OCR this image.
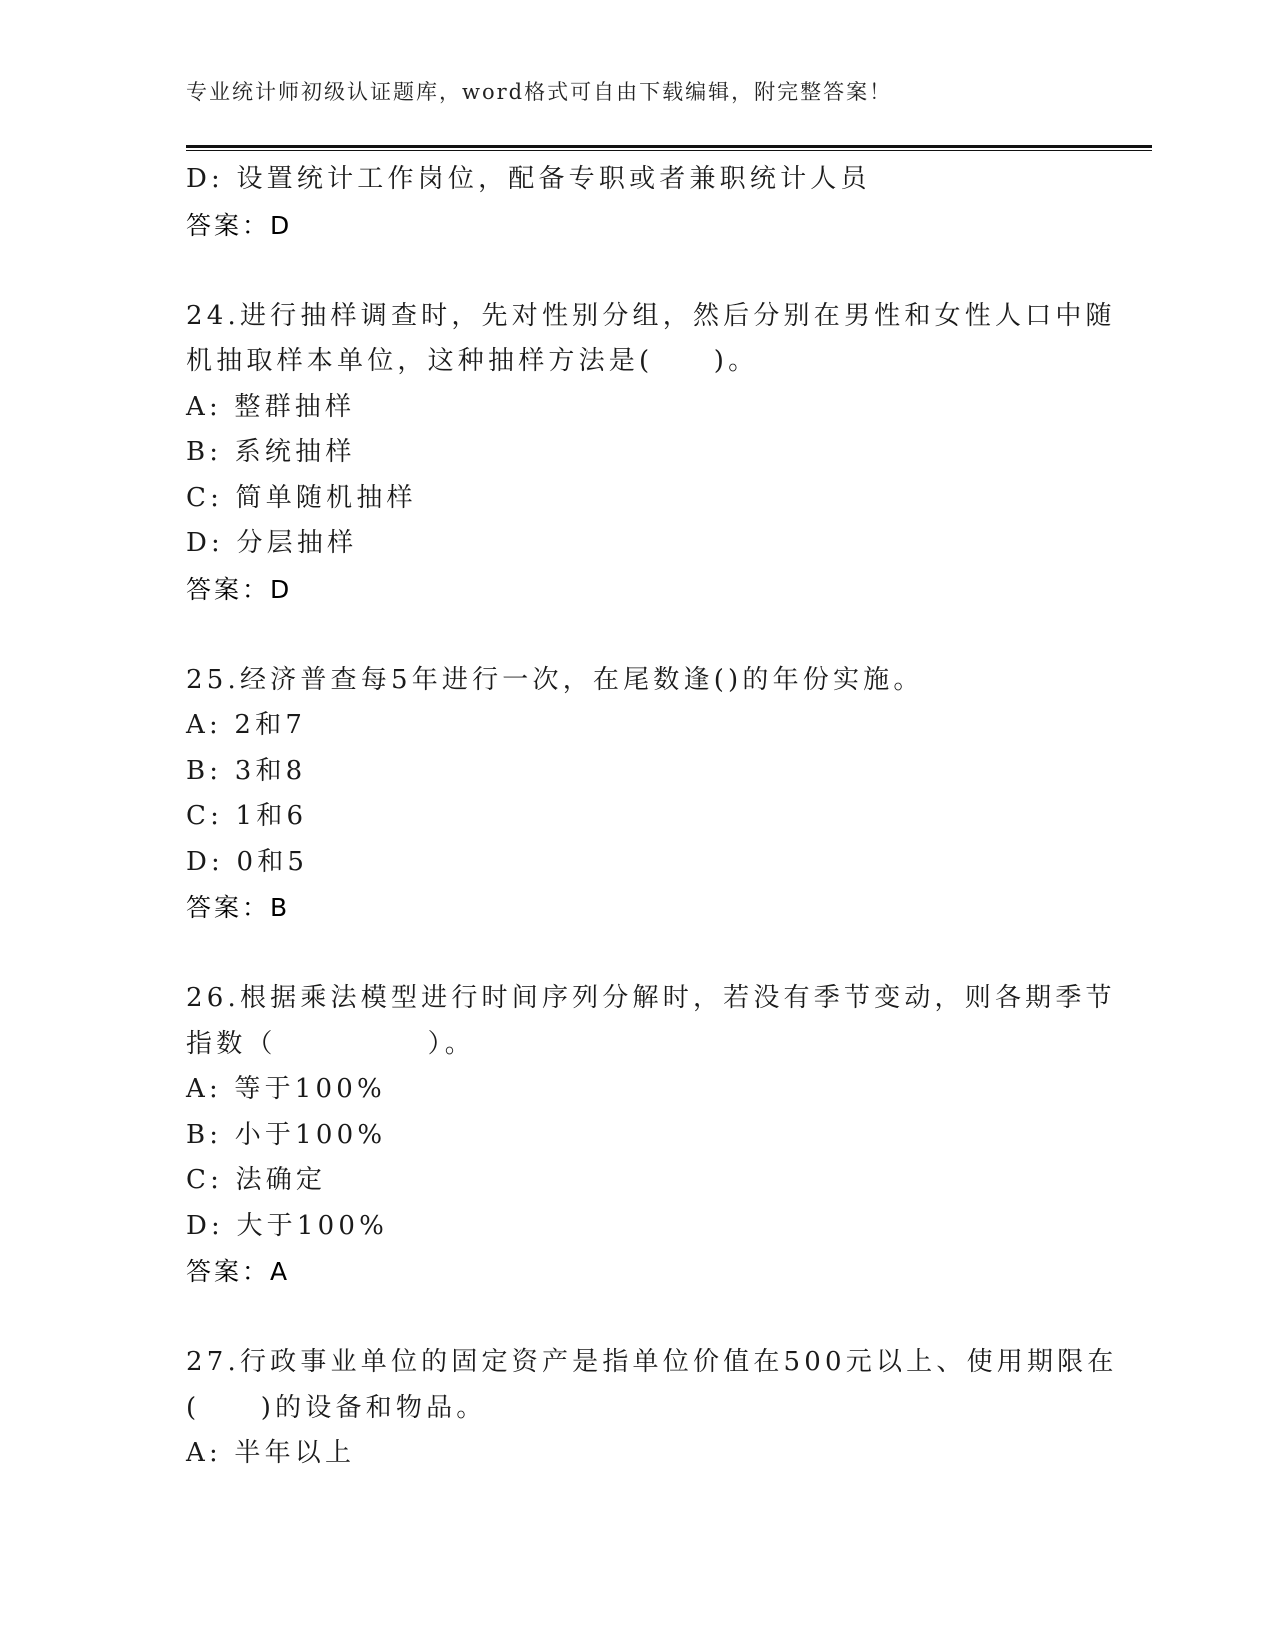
专业统计师初级认证题库，word格式可自由下载编辑，附完整答案！
D: 设置统计工作岗位，配备专职或者兼职统计人员
答案：D
24.进行抽样调查时，先对性别分组，然后分别在男性和女性人口中随
机抽取样本单位，这种抽样方法是(　　)。
A: 整群抽样
B: 系统抽样
C: 简单随机抽样
D: 分层抽样
答案：D
25.经济普查每5年进行一次，在尾数逢()的年份实施。
A: 2和7
B: 3和8
C: 1和6
D: 0和5
答案：B
26.根据乘法模型进行时间序列分解时，若没有季节变动，则各期季节
指数（　　　　　）。
A: 等于100%
B: 小于100%
C: 法确定
D: 大于100%
答案：A
27.行政事业单位的固定资产是指单位价值在500元以上、使用期限在
(　　)的设备和物品。
A: 半年以上
